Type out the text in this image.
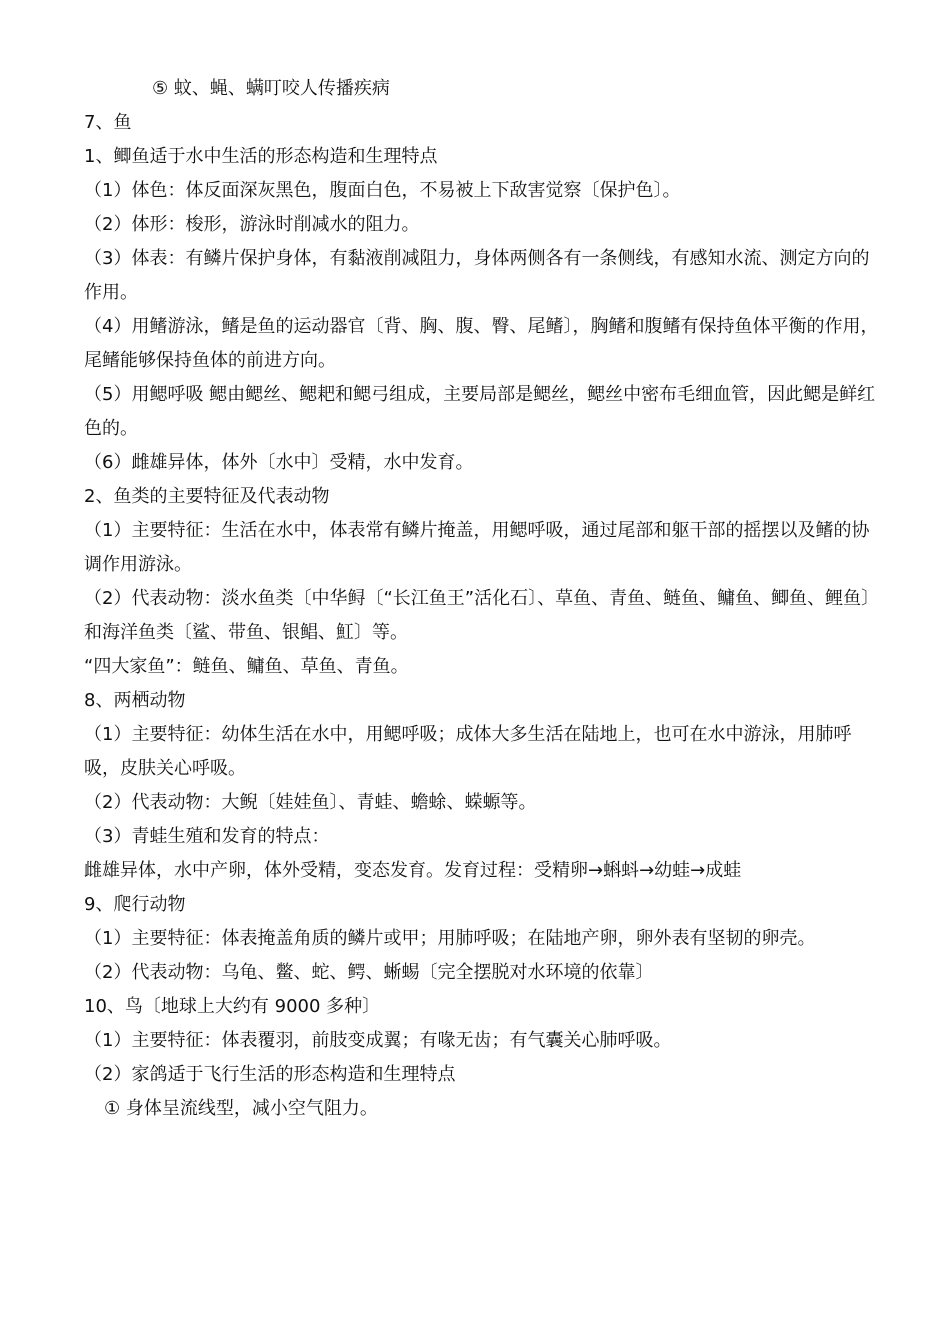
⑤ 蚊、蝇、螨叮咬人传播疾病

7、鱼

1、鲫鱼适于水中生活的形态构造和生理特点

（1）体色：体反面深灰黑色，腹面白色，不易被上下敌害觉察〔保护色〕。

（2）体形：梭形，游泳时削减水的阻力。

（3）体表：有鳞片保护身体，有黏液削减阻力，身体两侧各有一条侧线，有感知水流、测定方向的作用。

（4）用鳍游泳，鳍是鱼的运动器官〔背、胸、腹、臀、尾鳍〕，胸鳍和腹鳍有保持鱼体平衡的作用，尾鳍能够保持鱼体的前进方向。

（5）用鳃呼吸 鳃由鳃丝、鳃耙和鳃弓组成，主要局部是鳃丝，鳃丝中密布毛细血管，因此鳃是鲜红色的。

（6）雌雄异体，体外〔水中〕受精，水中发育。

2、鱼类的主要特征及代表动物

（1）主要特征：生活在水中，体表常有鳞片掩盖，用鳃呼吸，通过尾部和躯干部的摇摆以及鳍的协调作用游泳。

（2）代表动物：淡水鱼类〔中华鲟〔“长江鱼王”活化石〕、草鱼、青鱼、鲢鱼、鳙鱼、鲫鱼、鲤鱼〕和海洋鱼类〔鲨、带鱼、银鲳、魟〕等。

“四大家鱼”：鲢鱼、鳙鱼、草鱼、青鱼。

8、两栖动物

（1）主要特征：幼体生活在水中，用鳃呼吸；成体大多生活在陆地上，也可在水中游泳，用肺呼吸，皮肤关心呼吸。

（2）代表动物：大鲵〔娃娃鱼〕、青蛙、蟾蜍、蝾螈等。

（3）青蛙生殖和发育的特点：

雌雄异体，水中产卵，体外受精，变态发育。发育过程：受精卵→蝌蚪→幼蛙→成蛙

9、爬行动物

（1）主要特征：体表掩盖角质的鳞片或甲；用肺呼吸；在陆地产卵，卵外表有坚韧的卵壳。

（2）代表动物：乌龟、鳖、蛇、鳄、蜥蜴〔完全摆脱对水环境的依靠〕

10、鸟〔地球上大约有 9000 多种〕

（1）主要特征：体表覆羽，前肢变成翼；有喙无齿；有气囊关心肺呼吸。

（2）家鸽适于飞行生活的形态构造和生理特点

① 身体呈流线型，减小空气阻力。
